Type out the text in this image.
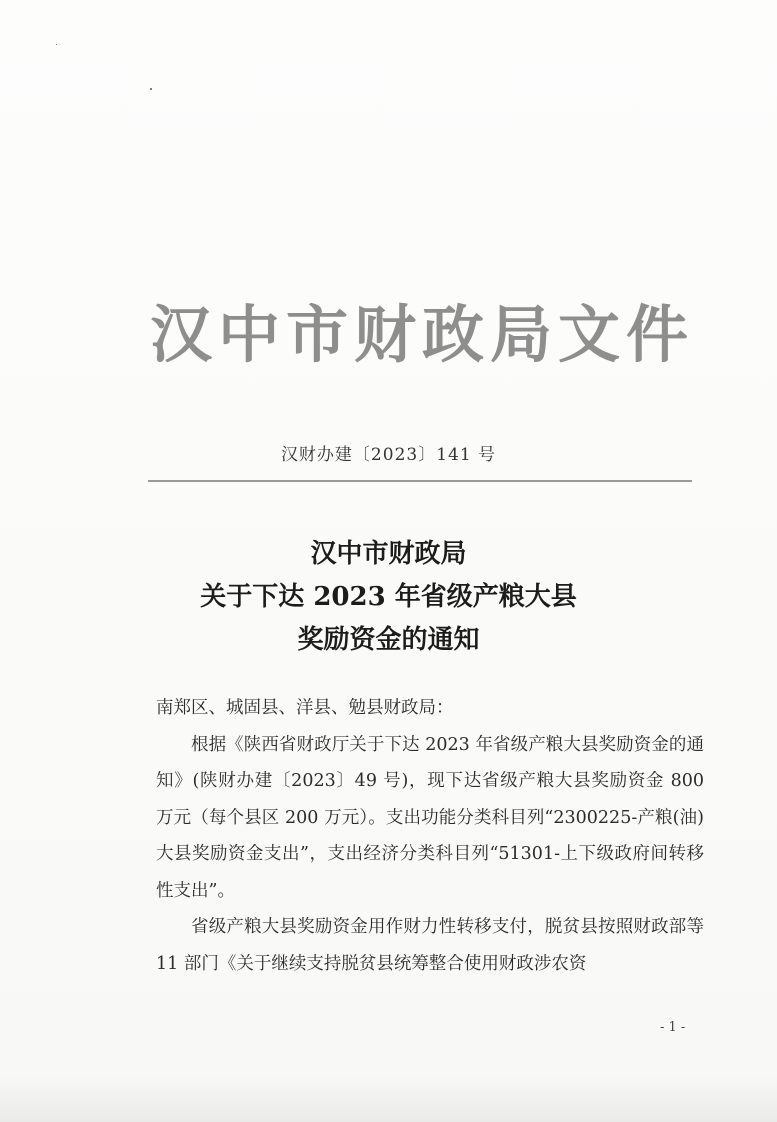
汉中市财政局文件
汉财办建〔2023〕141 号
汉中市财政局
关于下达 2023 年省级产粮大县
奖励资金的通知

南郑区、城固县、洋县、勉县财政局：

根据《陕西省财政厅关于下达 2023 年省级产粮大县奖励资金的通知》(陕财办建〔2023〕49 号)，现下达省级产粮大县奖励资金 800 万元（每个县区 200 万元）。支出功能分类科目列“2300225-产粮(油)大县奖励资金支出”，支出经济分类科目列“51301-上下级政府间转移性支出”。

省级产粮大县奖励资金用作财力性转移支付，脱贫县按照财政部等 11 部门《关于继续支持脱贫县统筹整合使用财政涉农资

- 1 -
